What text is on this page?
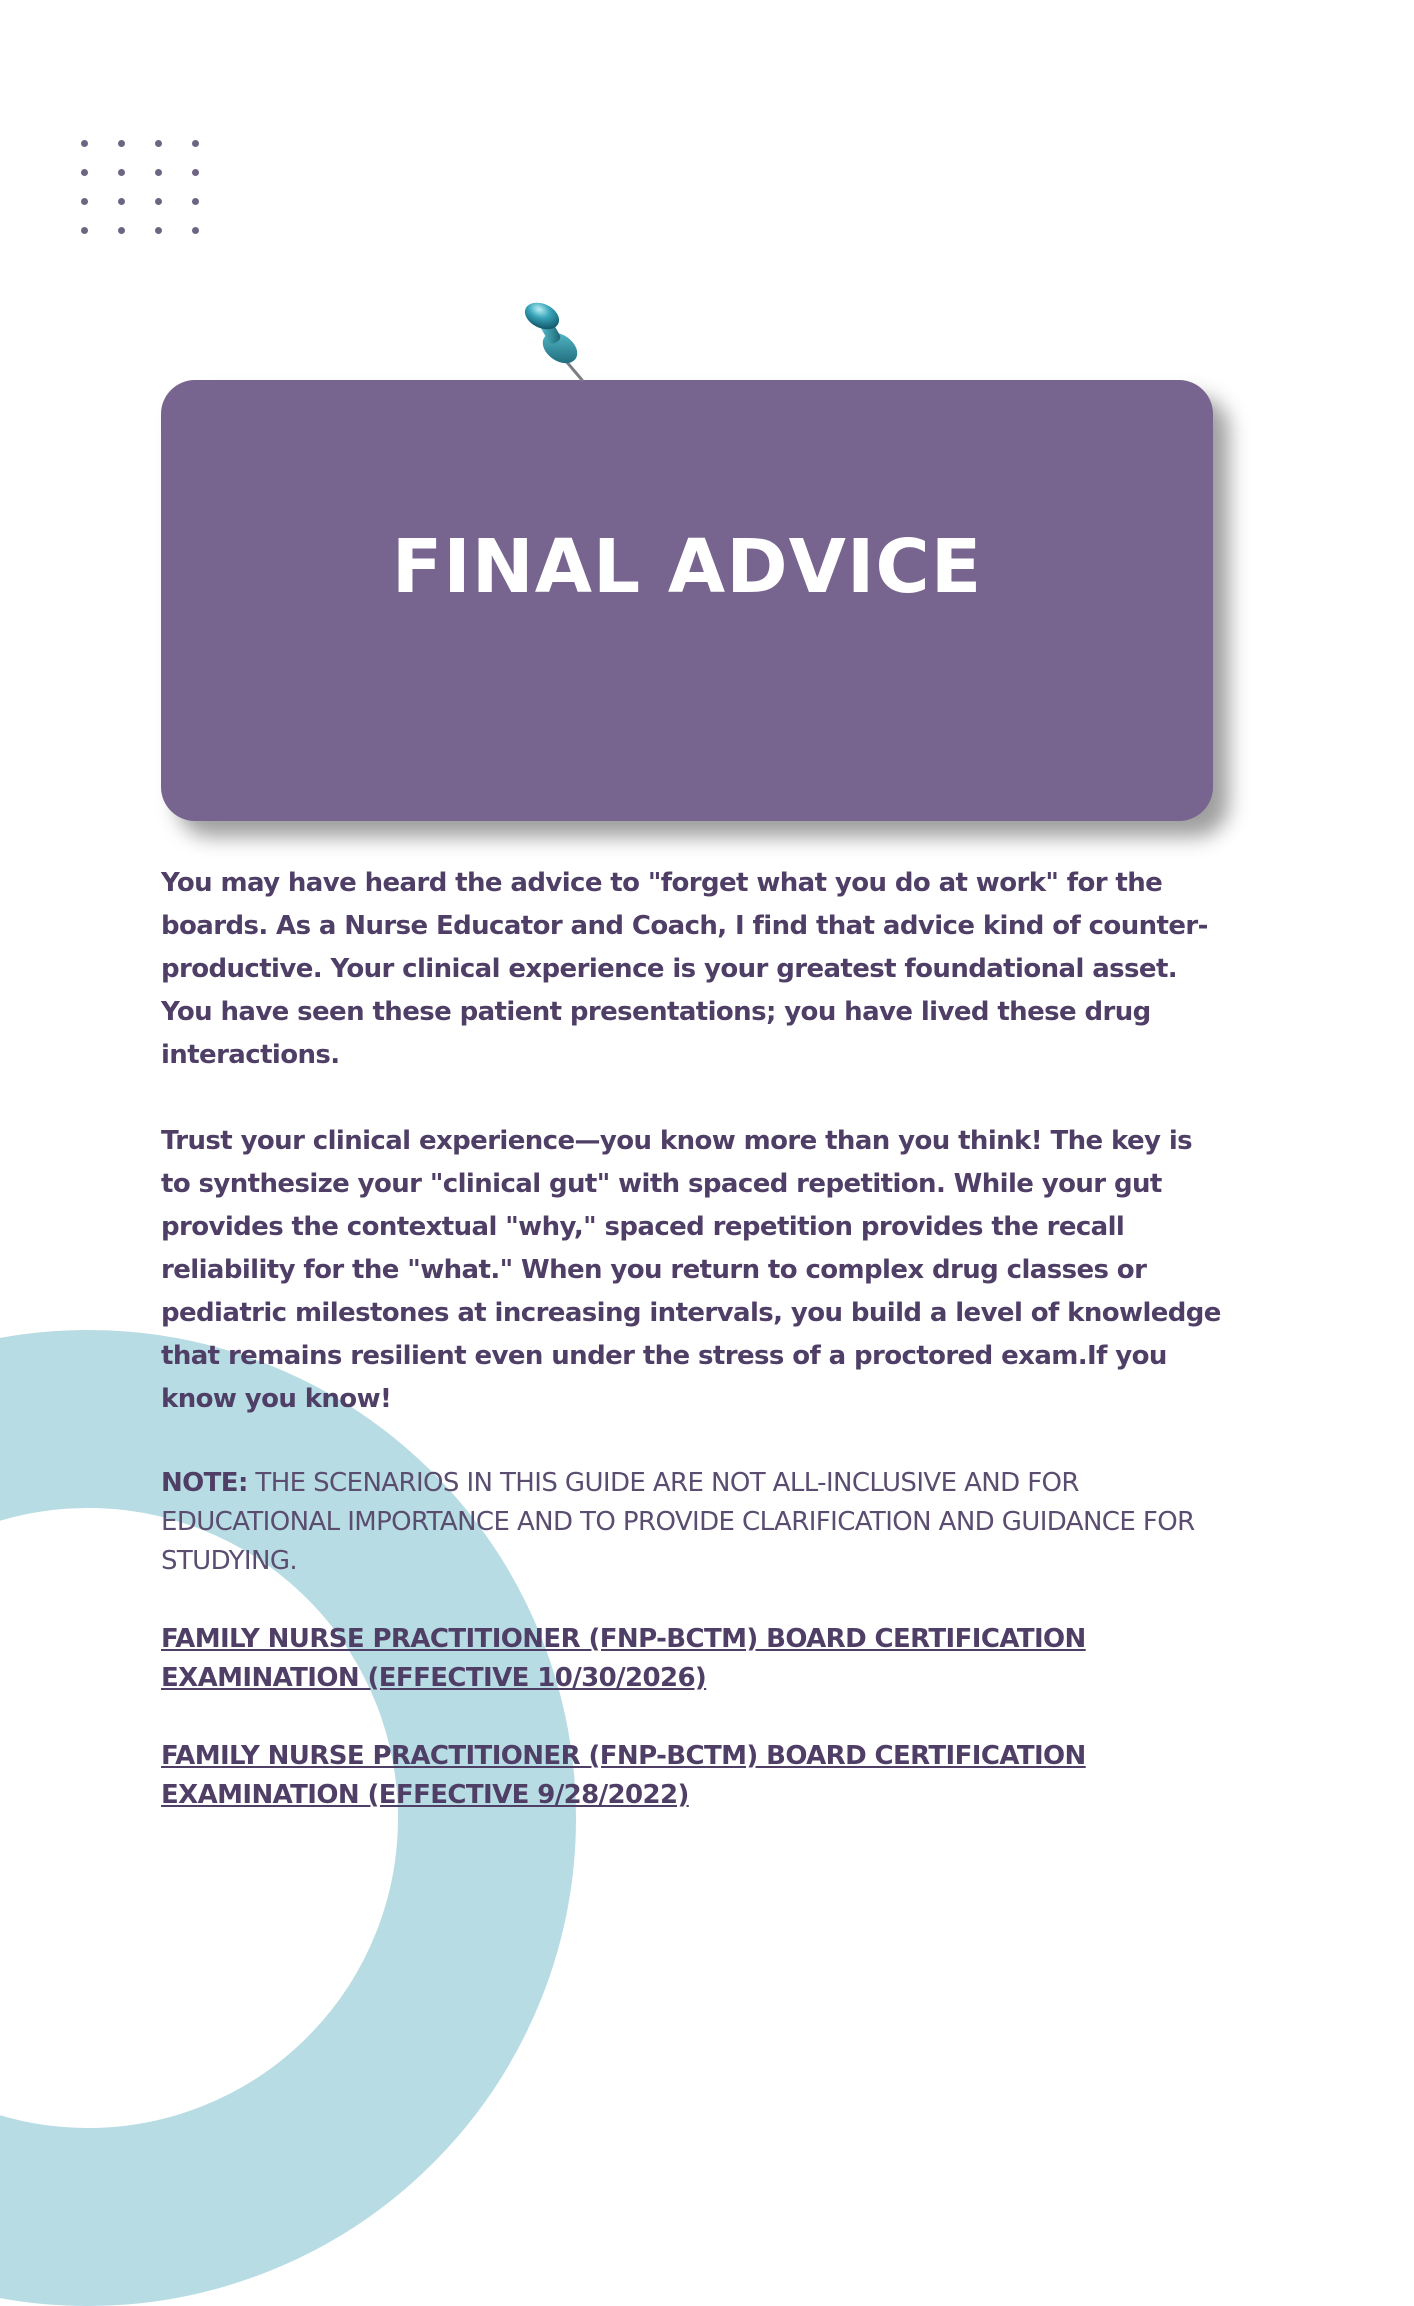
FINAL ADVICE

You may have heard the advice to "forget what you do at work" for the boards. As a Nurse Educator and Coach, I find that advice kind of counter-productive. Your clinical experience is your greatest foundational asset. You have seen these patient presentations; you have lived these drug interactions.

Trust your clinical experience—you know more than you think! The key is to synthesize your "clinical gut" with spaced repetition. While your gut provides the contextual "why," spaced repetition provides the recall reliability for the "what." When you return to complex drug classes or pediatric milestones at increasing intervals, you build a level of knowledge that remains resilient even under the stress of a proctored exam.If you know you know!

NOTE: THE SCENARIOS IN THIS GUIDE ARE NOT ALL-INCLUSIVE AND FOR EDUCATIONAL IMPORTANCE AND TO PROVIDE CLARIFICATION AND GUIDANCE FOR STUDYING.

FAMILY NURSE PRACTITIONER (FNP-BCTM) BOARD CERTIFICATION EXAMINATION (EFFECTIVE 10/30/2026)
FAMILY NURSE PRACTITIONER (FNP-BCTM) BOARD CERTIFICATION EXAMINATION (EFFECTIVE 9/28/2022)
